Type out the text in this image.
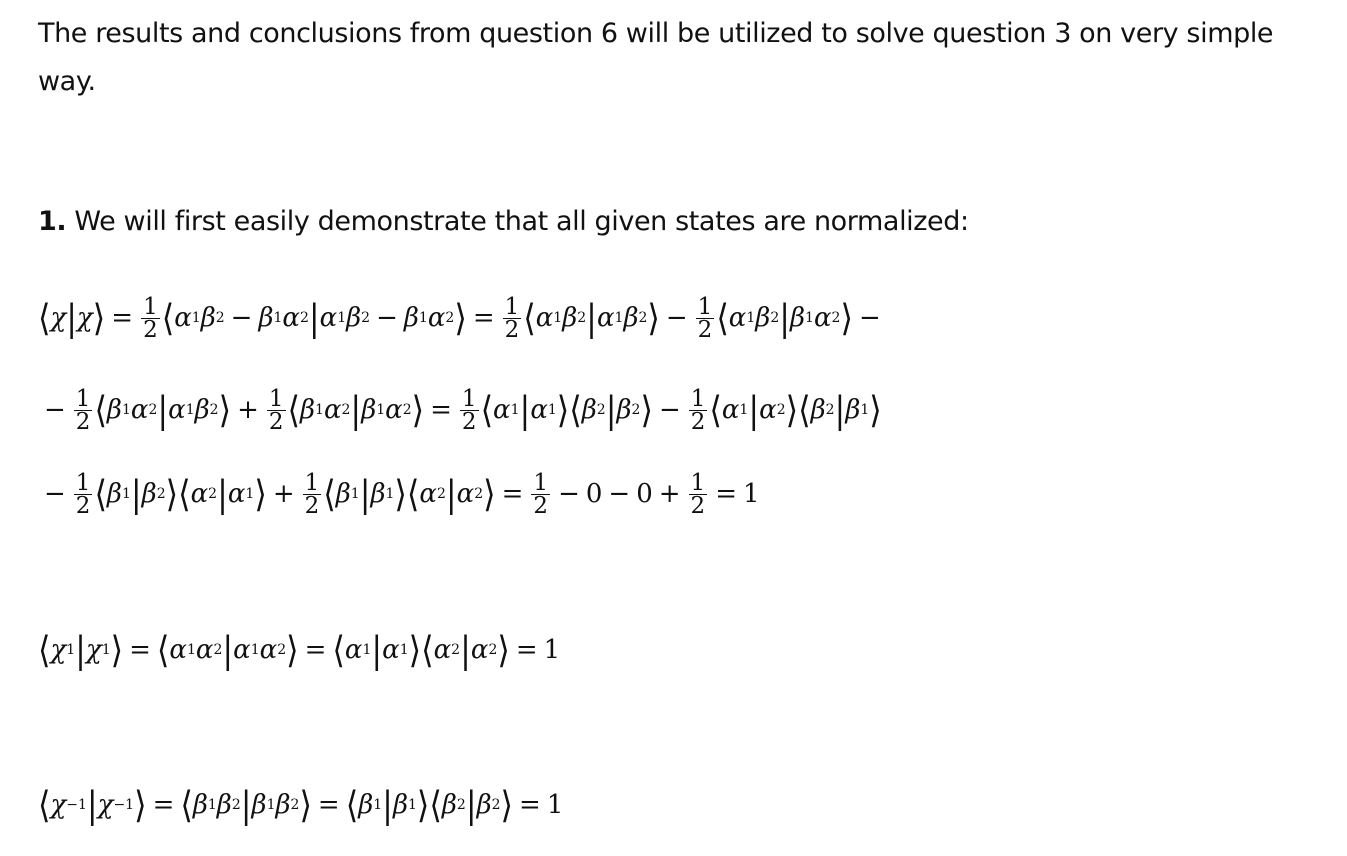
The results and conclusions from question 6 will be utilized to solve question 3 on very simple way.
1. We will first easily demonstrate that all given states are normalized:
⟨ χ | χ ⟩ = $\frac{1}{2}$ ⟨ α 1 β 2 − β 1 α 2 | α 1 β 2 − β 1 α 2 ⟩ = $\frac{1}{2}$ ⟨ α 1 β 2 | α 1 β 2 ⟩ − $\frac{1}{2}$ ⟨ α 1 β 2 | β 1 α 2 ⟩ −
− $\frac{1}{2}$ ⟨ β 1 α 2 | α 1 β 2 ⟩ + $\frac{1}{2}$ ⟨ β 1 α 2 | β 1 α 2 ⟩ = $\frac{1}{2}$ ⟨ α 1 | α 1 ⟩⟨ β 2 | β 2 ⟩ − $\frac{1}{2}$ ⟨ α 1 | α 2 ⟩⟨ β 2 | β 1 ⟩
− $\frac{1}{2}$ ⟨ β 1 | β 2 ⟩⟨ α 2 | α 1 ⟩ + $\frac{1}{2}$ ⟨ β 1 | β 1 ⟩⟨ α 2 | α 2 ⟩ = $\frac{1}{2} - 0 - 0 + \frac{1}{2} = 1$
⟨ χ 1 | χ 1 ⟩ = ⟨ α 1 α 2 | α 1 α 2 ⟩ = ⟨ α 1 | α 1 ⟩⟨ α 2 | α 2 ⟩ = 1
⟨ χ −1 | χ −1 ⟩ = ⟨ β 1 β 2 | β 1 β 2 ⟩ = ⟨ β 1 | β 1 ⟩⟨ β 2 | β 2 ⟩ = 1
